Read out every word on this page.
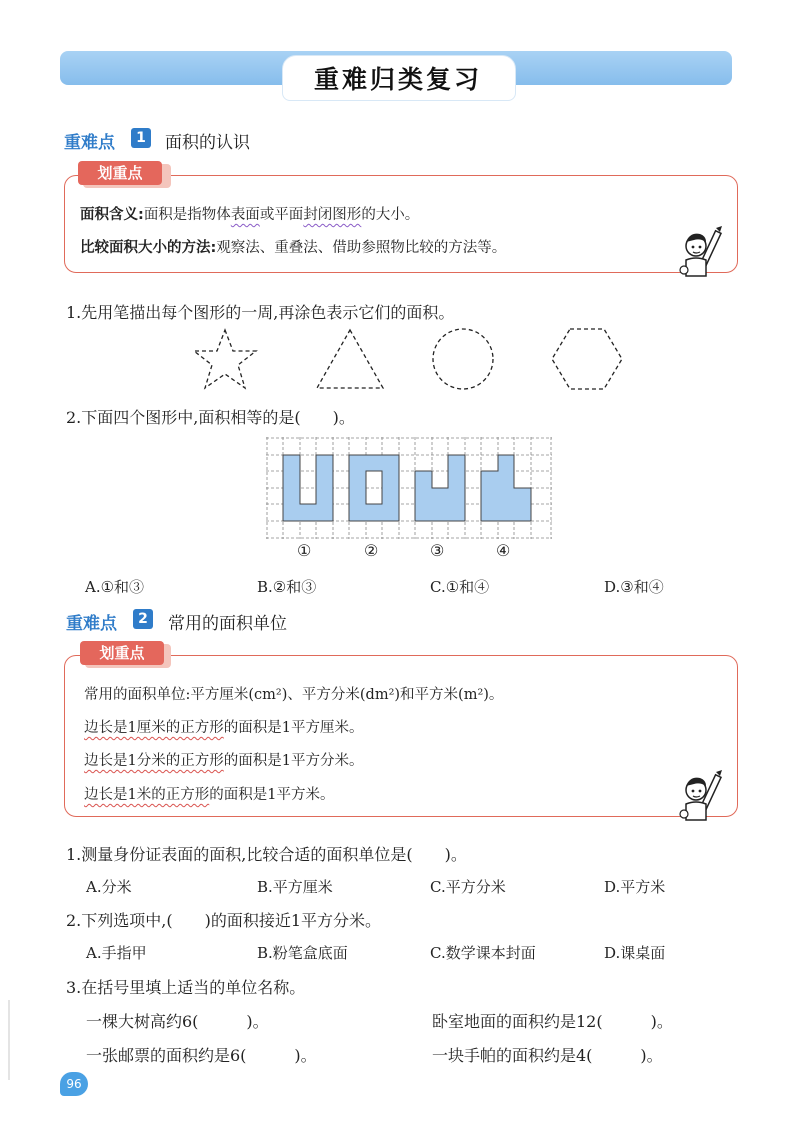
重难归类复习
重难点	1	面积的认识
划重点
面积含义:面积是指物体表面或平面封闭图形的大小。
比较面积大小的方法:观察法、重叠法、借助参照物比较的方法等。
1.先用笔描出每个图形的一周,再涂色表示它们的面积。
2.下面四个图形中,面积相等的是(　　)。
①	②	③	④
A.①和③	B.②和③	C.①和④	D.③和④
重难点	2	常用的面积单位
划重点
常用的面积单位:平方厘米(cm²)、平方分米(dm²)和平方米(m²)。
边长是1厘米的正方形的面积是1平方厘米。
边长是1分米的正方形的面积是1平方分米。
边长是1米的正方形的面积是1平方米。
1.测量身份证表面的面积,比较合适的面积单位是(　　)。
A.分米	B.平方厘米	C.平方分米	D.平方米
2.下列选项中,(　　)的面积接近1平方分米。
A.手指甲	B.粉笔盒底面	C.数学课本封面	D.课桌面
3.在括号里填上适当的单位名称。
一棵大树高约6(　　　)。	卧室地面的面积约是12(　　　)。
一张邮票的面积约是6(　　　)。	一块手帕的面积约是4(　　　)。
96
